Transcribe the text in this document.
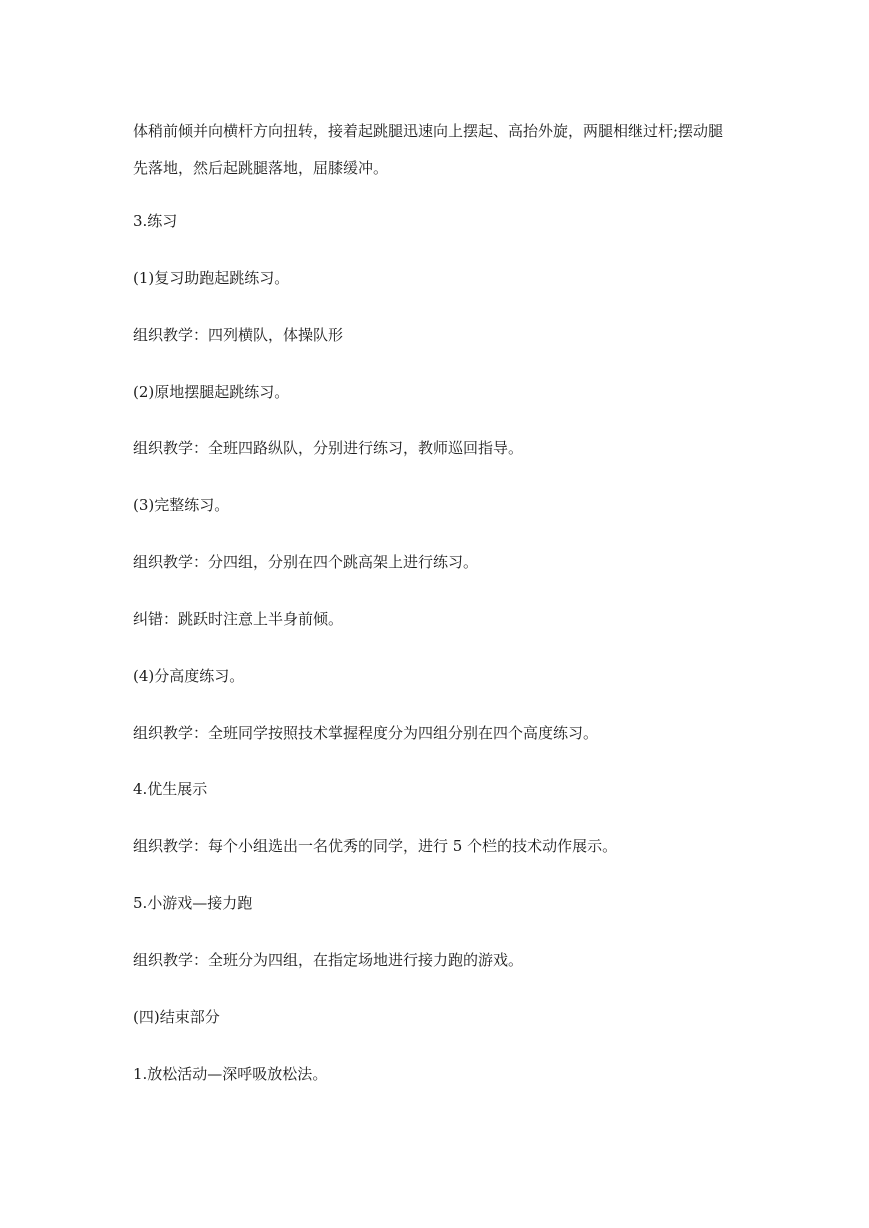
体稍前倾并向横杆方向扭转，接着起跳腿迅速向上摆起、高抬外旋，两腿相继过杆;摆动腿
先落地，然后起跳腿落地，屈膝缓冲。
3.练习
(1)复习助跑起跳练习。
组织教学：四列横队，体操队形
(2)原地摆腿起跳练习。
组织教学：全班四路纵队，分别进行练习，教师巡回指导。
(3)完整练习。
组织教学：分四组，分别在四个跳高架上进行练习。
纠错：跳跃时注意上半身前倾。
(4)分高度练习。
组织教学：全班同学按照技术掌握程度分为四组分别在四个高度练习。
4.优生展示
组织教学：每个小组选出一名优秀的同学，进行 5 个栏的技术动作展示。
5.小游戏—接力跑
组织教学：全班分为四组，在指定场地进行接力跑的游戏。
(四)结束部分
1.放松活动—深呼吸放松法。
